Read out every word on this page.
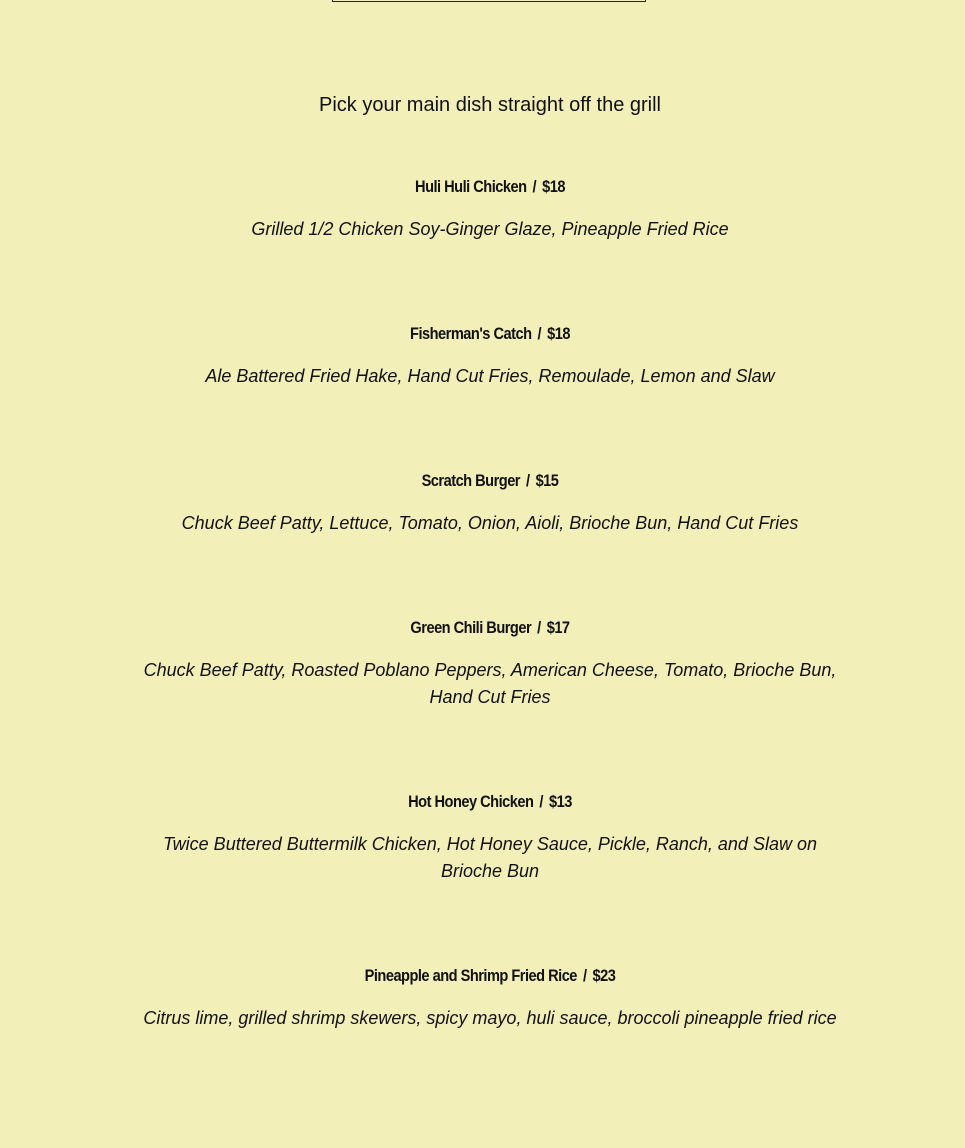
Pick your main dish straight off the grill
Huli Huli Chicken / $18
Grilled 1/2 Chicken Soy-Ginger Glaze, Pineapple Fried Rice
Fisherman's Catch / $18
Ale Battered Fried Hake, Hand Cut Fries, Remoulade, Lemon and Slaw
Scratch Burger / $15
Chuck Beef Patty, Lettuce, Tomato, Onion, Aioli, Brioche Bun, Hand Cut Fries
Green Chili Burger / $17
Chuck Beef Patty, Roasted Poblano Peppers, American Cheese, Tomato, Brioche Bun, Hand Cut Fries
Hot Honey Chicken / $13
Twice Buttered Buttermilk Chicken, Hot Honey Sauce, Pickle, Ranch, and Slaw on Brioche Bun
Pineapple and Shrimp Fried Rice / $23
Citrus lime, grilled shrimp skewers, spicy mayo, huli sauce, broccoli pineapple fried rice
